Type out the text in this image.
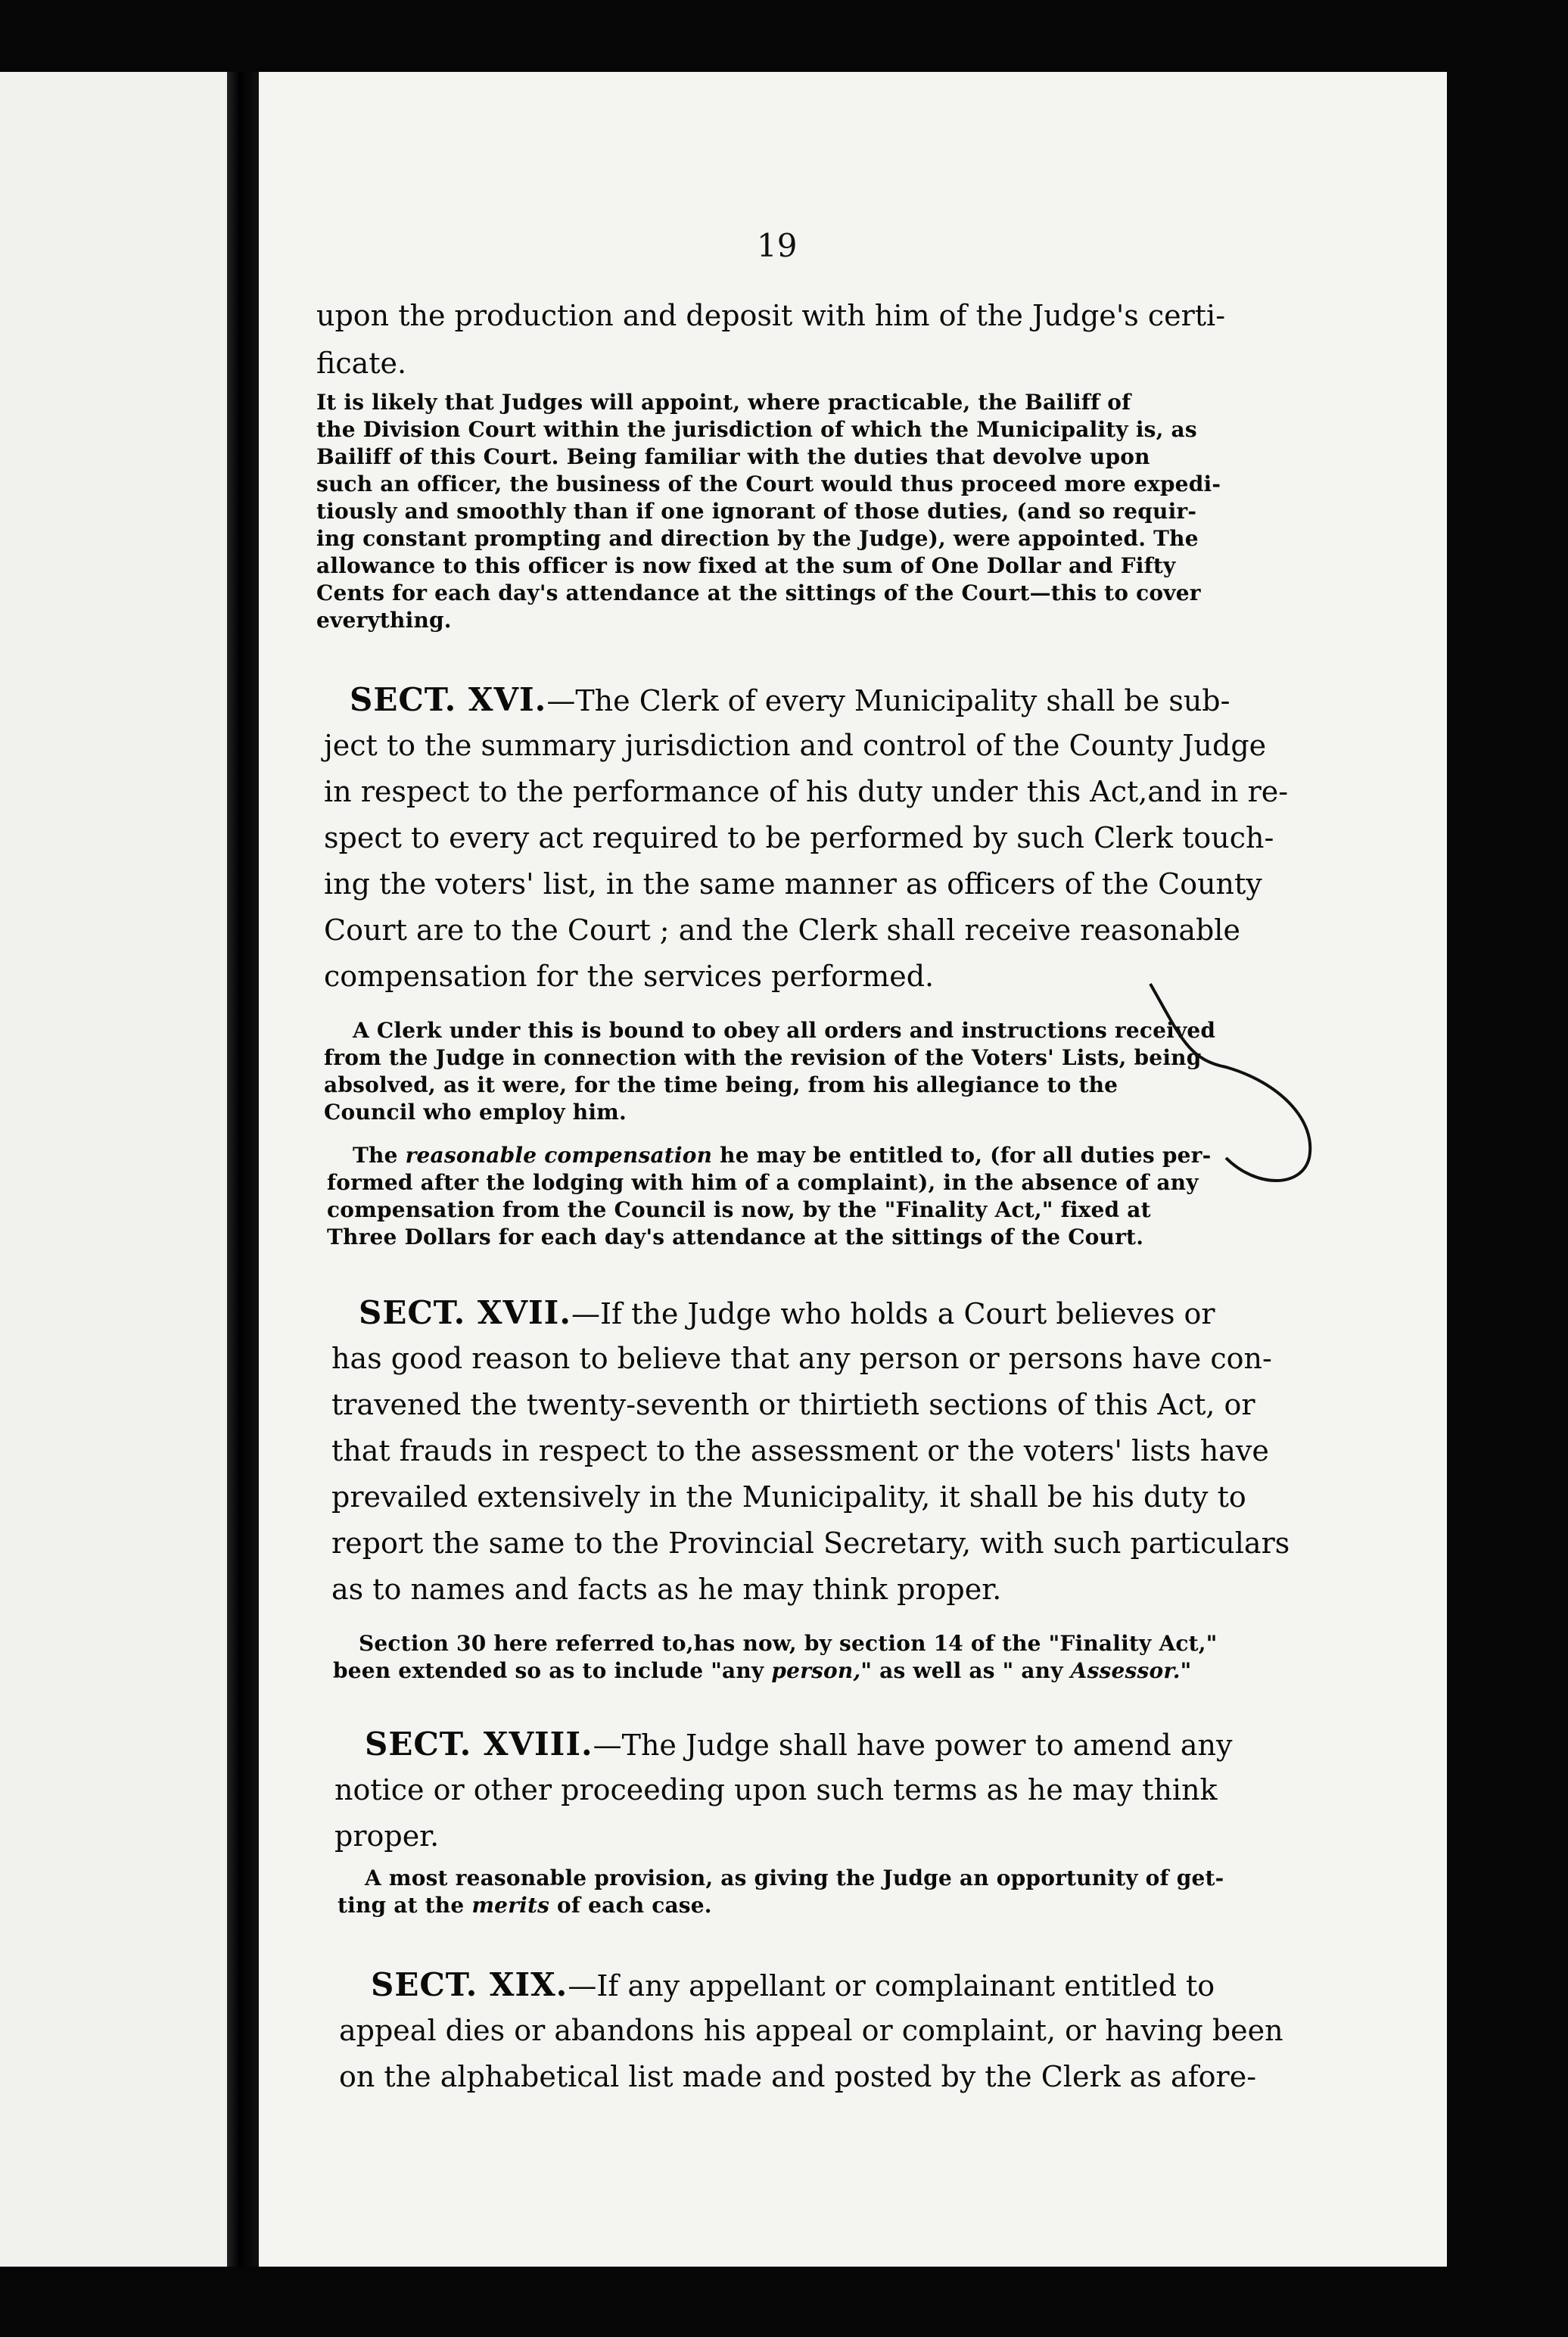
19
upon the production and deposit with him of the Judge's certi-
ficate.
It is likely that Judges will appoint, where practicable, the Bailiff of
the Division Court within the jurisdiction of which the Municipality is, as
Bailiff of this Court. Being familiar with the duties that devolve upon
such an officer, the business of the Court would thus proceed more expedi-
tiously and smoothly than if one ignorant of those duties, (and so requir-
ing constant prompting and direction by the Judge), were appointed. The
allowance to this officer is now fixed at the sum of One Dollar and Fifty
Cents for each day's attendance at the sittings of the Court—this to cover
everything.
SECT. XVI.—The Clerk of every Municipality shall be sub-
ject to the summary jurisdiction and control of the County Judge
in respect to the performance of his duty under this Act,and in re-
spect to every act required to be performed by such Clerk touch-
ing the voters' list, in the same manner as officers of the County
Court are to the Court ; and the Clerk shall receive reasonable
compensation for the services performed.
A Clerk under this is bound to obey all orders and instructions received
from the Judge in connection with the revision of the Voters' Lists, being
absolved, as it were, for the time being, from his allegiance to the
Council who employ him.
The reasonable compensation he may be entitled to, (for all duties per-
formed after the lodging with him of a complaint), in the absence of any
compensation from the Council is now, by the "Finality Act," fixed at
Three Dollars for each day's attendance at the sittings of the Court.
SECT. XVII.—If the Judge who holds a Court believes or
has good reason to believe that any person or persons have con-
travened the twenty-seventh or thirtieth sections of this Act, or
that frauds in respect to the assessment or the voters' lists have
prevailed extensively in the Municipality, it shall be his duty to
report the same to the Provincial Secretary, with such particulars
as to names and facts as he may think proper.
Section 30 here referred to,has now, by section 14 of the "Finality Act,"
been extended so as to include "any person," as well as " any Assessor."
SECT. XVIII.—The Judge shall have power to amend any
notice or other proceeding upon such terms as he may think
proper.
A most reasonable provision, as giving the Judge an opportunity of get-
ting at the merits of each case.
SECT. XIX.—If any appellant or complainant entitled to
appeal dies or abandons his appeal or complaint, or having been
on the alphabetical list made and posted by the Clerk as afore-
